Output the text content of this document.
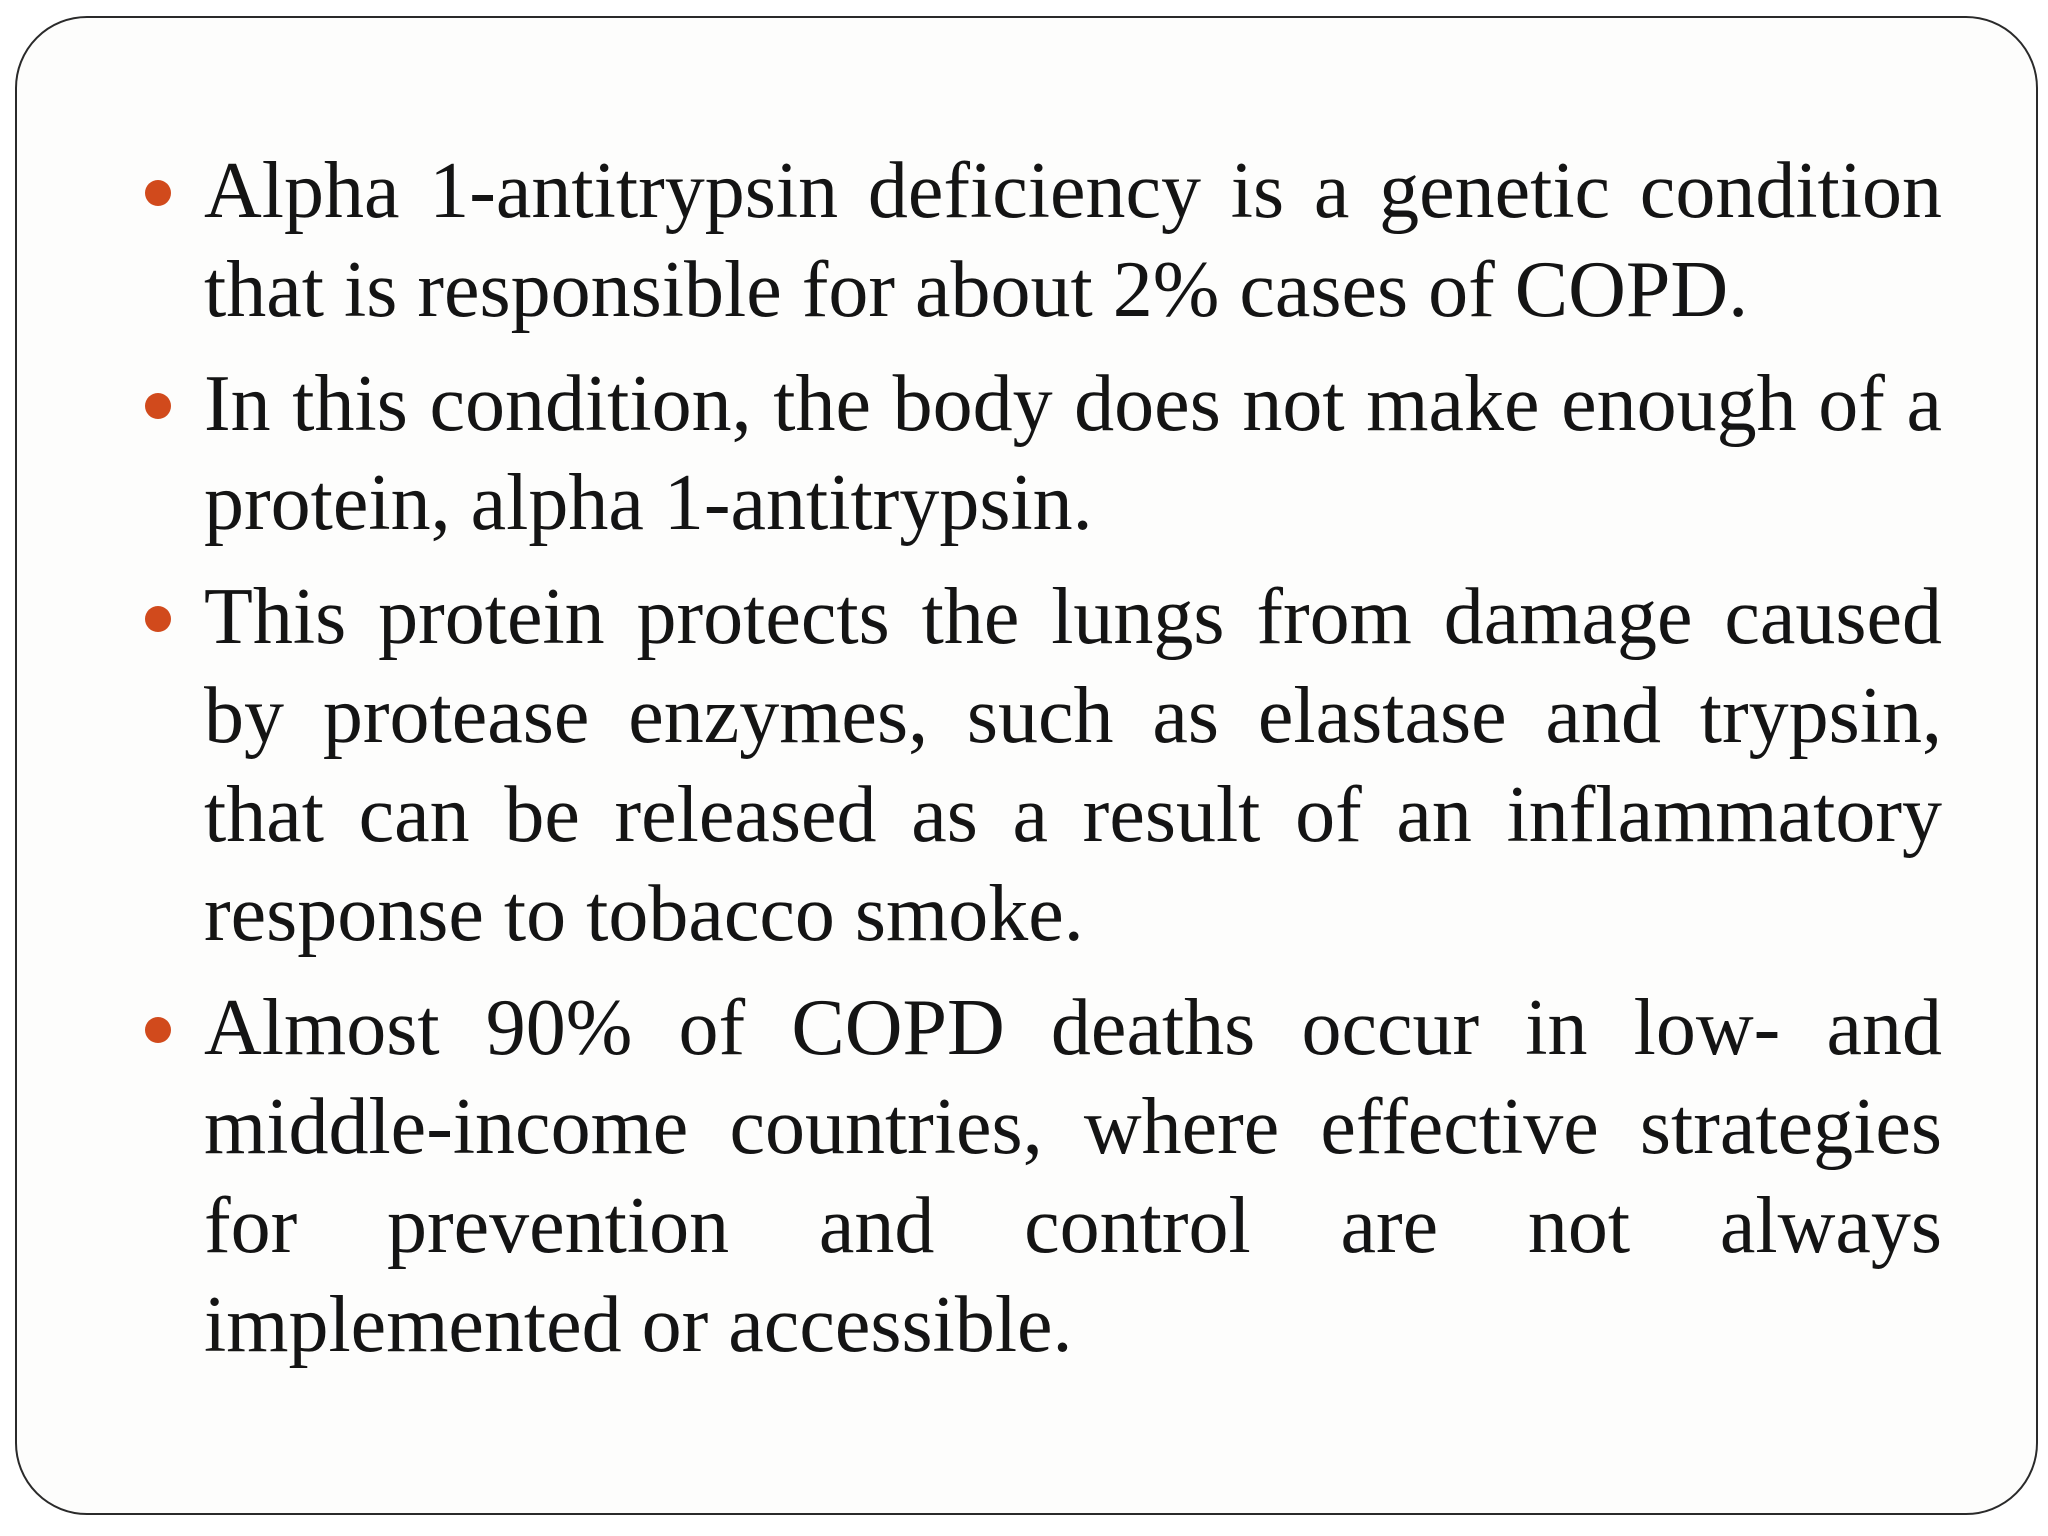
Alpha 1-antitrypsin deficiency is a genetic condition that is responsible for about 2% cases of COPD.
In this condition, the body does not make enough of a protein, alpha 1-antitrypsin.
This protein protects the lungs from damage caused by protease enzymes, such as elastase and trypsin, that can be released as a result of an inflammatory response to tobacco smoke.
Almost 90% of COPD deaths occur in low- and middle-income countries, where effective strategies for prevention and control are not always implemented or accessible.
